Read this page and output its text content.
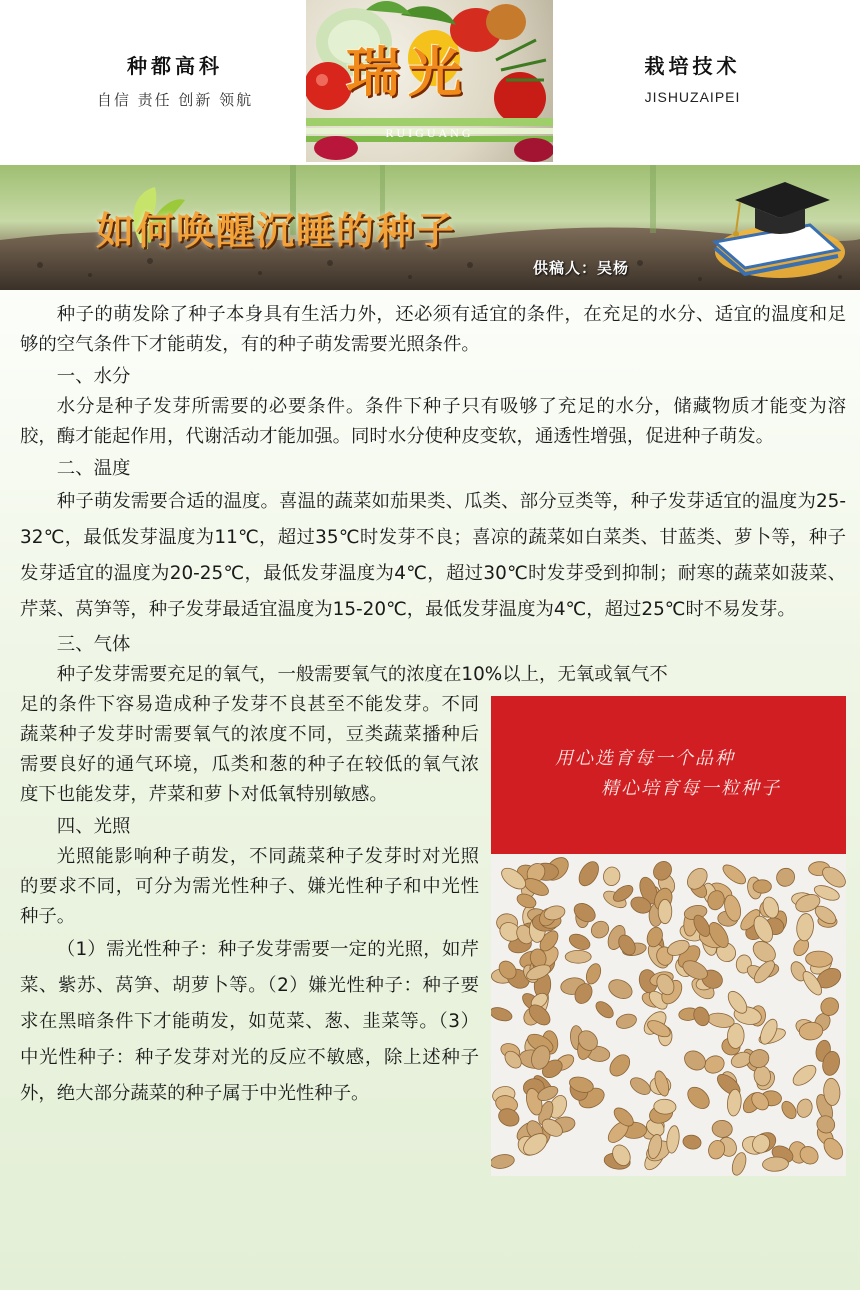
种都高科
自信 责任 创新 领航	瑞光
RUIGUANG
栽培技术
JISHUZAIPEI
如何唤醒沉睡的种子
供稿人：吴杨

种子的萌发除了种子本身具有生活力外，还必须有适宜的条件，在充足的水分、适宜的温度和足够的空气条件下才能萌发，有的种子萌发需要光照条件。

一、水分

水分是种子发芽所需要的必要条件。条件下种子只有吸够了充足的水分，储藏物质才能变为溶胶，酶才能起作用，代谢活动才能加强。同时水分使种皮变软，通透性增强，促进种子萌发。

二、温度

种子萌发需要合适的温度。喜温的蔬菜如茄果类、瓜类、部分豆类等，种子发芽适宜的温度为25-32℃，最低发芽温度为11℃，超过35℃时发芽不良；喜凉的蔬菜如白菜类、甘蓝类、萝卜等，种子发芽适宜的温度为20-25℃，最低发芽温度为4℃，超过30℃时发芽受到抑制；耐寒的蔬菜如菠菜、芹菜、莴笋等，种子发芽最适宜温度为15-20℃，最低发芽温度为4℃，超过25℃时不易发芽。

三、气体

种子发芽需要充足的氧气，一般需要氧气的浓度在10%以上，无氧或氧气不

用心选育每一个品种
精心培育每一粒种子

足的条件下容易造成种子发芽不良甚至不能发芽。不同蔬菜种子发芽时需要氧气的浓度不同，豆类蔬菜播种后需要良好的通气环境，瓜类和葱的种子在较低的氧气浓度下也能发芽，芹菜和萝卜对低氧特别敏感。

四、光照

光照能影响种子萌发，不同蔬菜种子发芽时对光照的要求不同，可分为需光性种子、嫌光性种子和中光性种子。

（1）需光性种子：种子发芽需要一定的光照，如芹菜、紫苏、莴笋、胡萝卜等。（2）嫌光性种子：种子要求在黑暗条件下才能萌发，如苋菜、葱、韭菜等。（3）中光性种子：种子发芽对光的反应不敏感，除上述种子外，绝大部分蔬菜的种子属于中光性种子。
